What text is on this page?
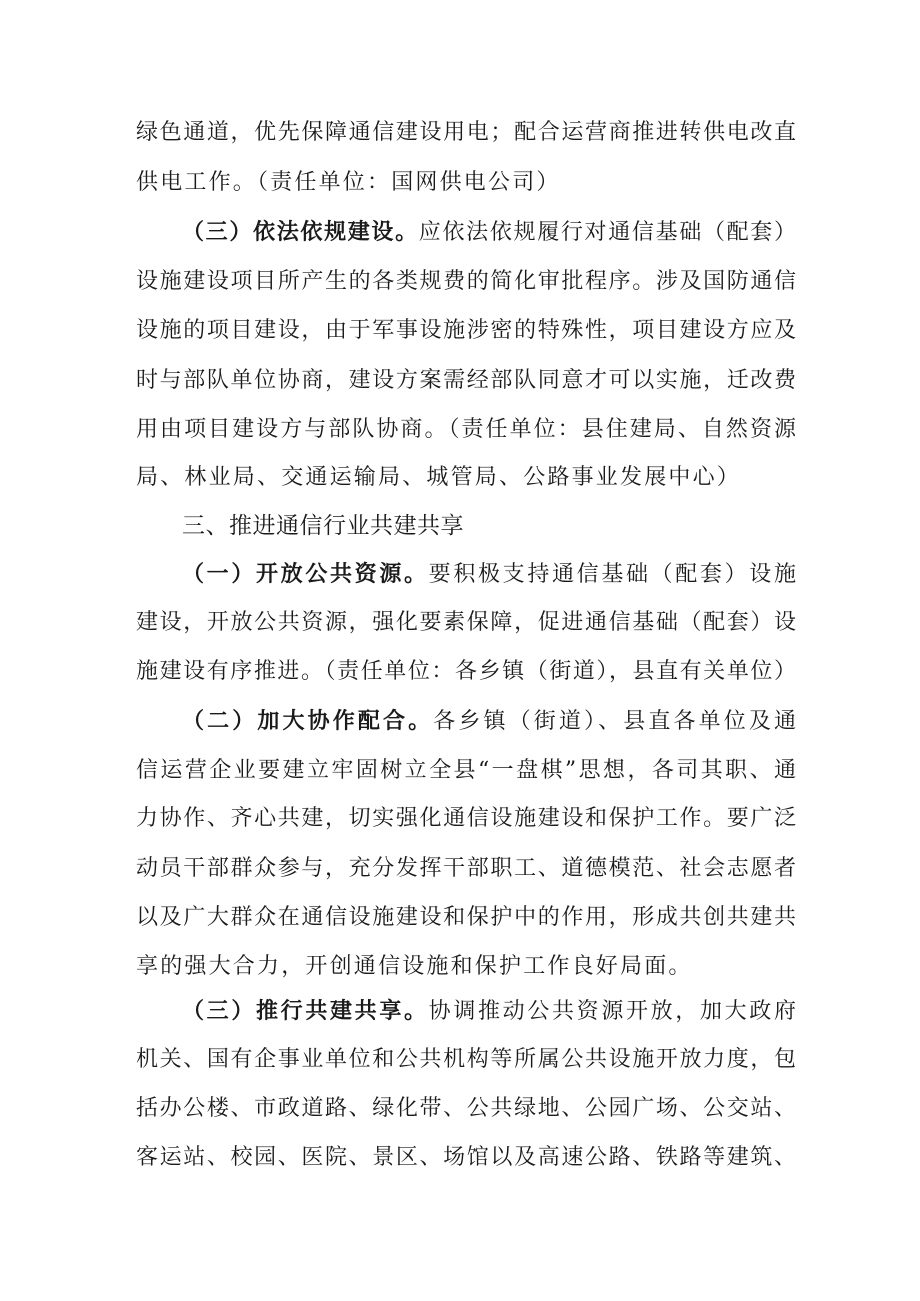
绿色通道，优先保障通信建设用电；配合运营商推进转供电改直
供电工作。（责任单位：国网供电公司）
（三）依法依规建设。应依法依规履行对通信基础（配套）
设施建设项目所产生的各类规费的简化审批程序。涉及国防通信
设施的项目建设，由于军事设施涉密的特殊性，项目建设方应及
时与部队单位协商，建设方案需经部队同意才可以实施，迁改费
用由项目建设方与部队协商。（责任单位：县住建局、自然资源
局、林业局、交通运输局、城管局、公路事业发展中心）
三、推进通信行业共建共享
（一）开放公共资源。要积极支持通信基础（配套）设施
建设，开放公共资源，强化要素保障，促进通信基础（配套）设
施建设有序推进。（责任单位：各乡镇（街道），县直有关单位）
（二）加大协作配合。各乡镇（街道）、县直各单位及通
信运营企业要建立牢固树立全县“一盘棋”思想，各司其职、通
力协作、齐心共建，切实强化通信设施建设和保护工作。要广泛
动员干部群众参与，充分发挥干部职工、道德模范、社会志愿者
以及广大群众在通信设施建设和保护中的作用，形成共创共建共
享的强大合力，开创通信设施和保护工作良好局面。
（三）推行共建共享。协调推动公共资源开放，加大政府
机关、国有企事业单位和公共机构等所属公共设施开放力度，包
括办公楼、市政道路、绿化带、公共绿地、公园广场、公交站、
客运站、校园、医院、景区、场馆以及高速公路、铁路等建筑、
